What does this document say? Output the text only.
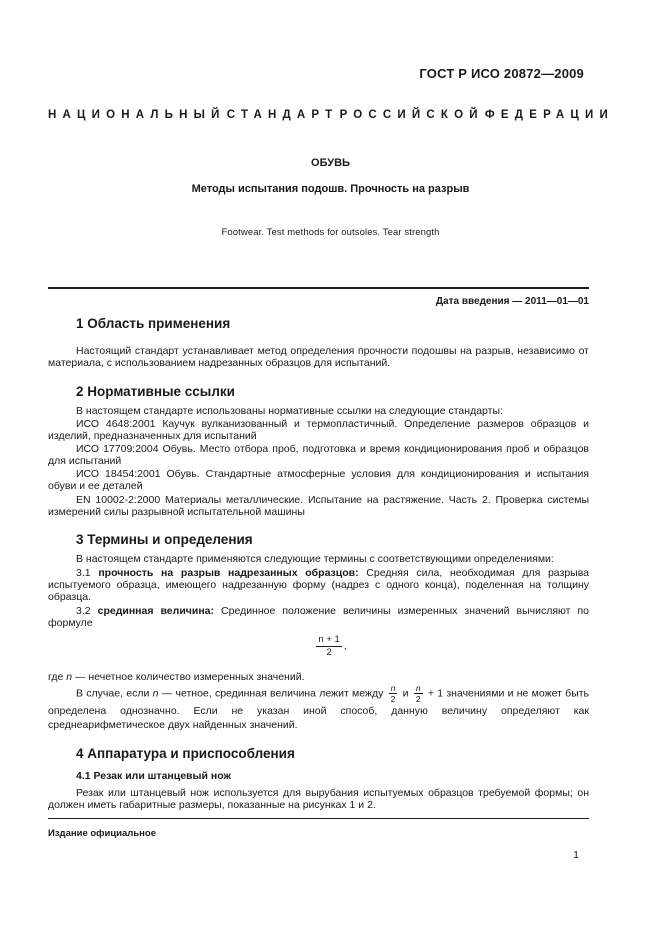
ГОСТ Р ИСО 20872—2009
НАЦИОНАЛЬНЫЙ СТАНДАРТ РОССИЙСКОЙ ФЕДЕРАЦИИ
ОБУВЬ
Методы испытания подошв. Прочность на разрыв
Footwear. Test methods for outsoles. Tear strength
Дата введения — 2011—01—01
1 Область применения
Настоящий стандарт устанавливает метод определения прочности подошвы на разрыв, независимо от материала, с использованием надрезанных образцов для испытаний.
2 Нормативные ссылки
В настоящем стандарте использованы нормативные ссылки на следующие стандарты:
ИСО 4648:2001 Каучук вулканизованный и термопластичный. Определение размеров образцов и изделий, предназначенных для испытаний
ИСО 17709:2004 Обувь. Место отбора проб, подготовка и время кондиционирования проб и образцов для испытаний
ИСО 18454:2001 Обувь. Стандартные атмосферные условия для кондиционирования и испытания обуви и ее деталей
EN 10002-2:2000 Материалы металлические. Испытание на растяжение. Часть 2. Проверка системы измерений силы разрывной испытательной машины
3 Термины и определения
В настоящем стандарте применяются следующие термины с соответствующими определениями:
3.1 прочность на разрыв надрезанных образцов: Средняя сила, необходимая для разрыва испытуемого образца, имеющего надрезанную форму (надрез с одного конца), поделенная на толщину образца.
3.2 срединная величина: Срединное положение величины измеренных значений вычисляют по формуле
$\frac{n + 1}{2}$ ,
где n — нечетное количество измеренных значений.
В случае, если n — четное, срединная величина лежит между $\frac{n}{2}$ и $\frac{n}{2} + 1$ значениями и не может быть определена однозначно. Если не указан иной способ, данную величину определяют как среднеарифметическое двух найденных значений.
4 Аппаратура и приспособления
4.1 Резак или штанцевый нож
Резак или штанцевый нож используется для вырубания испытуемых образцов требуемой формы; он должен иметь габаритные размеры, показанные на рисунках 1 и 2.
Издание официальное
1
